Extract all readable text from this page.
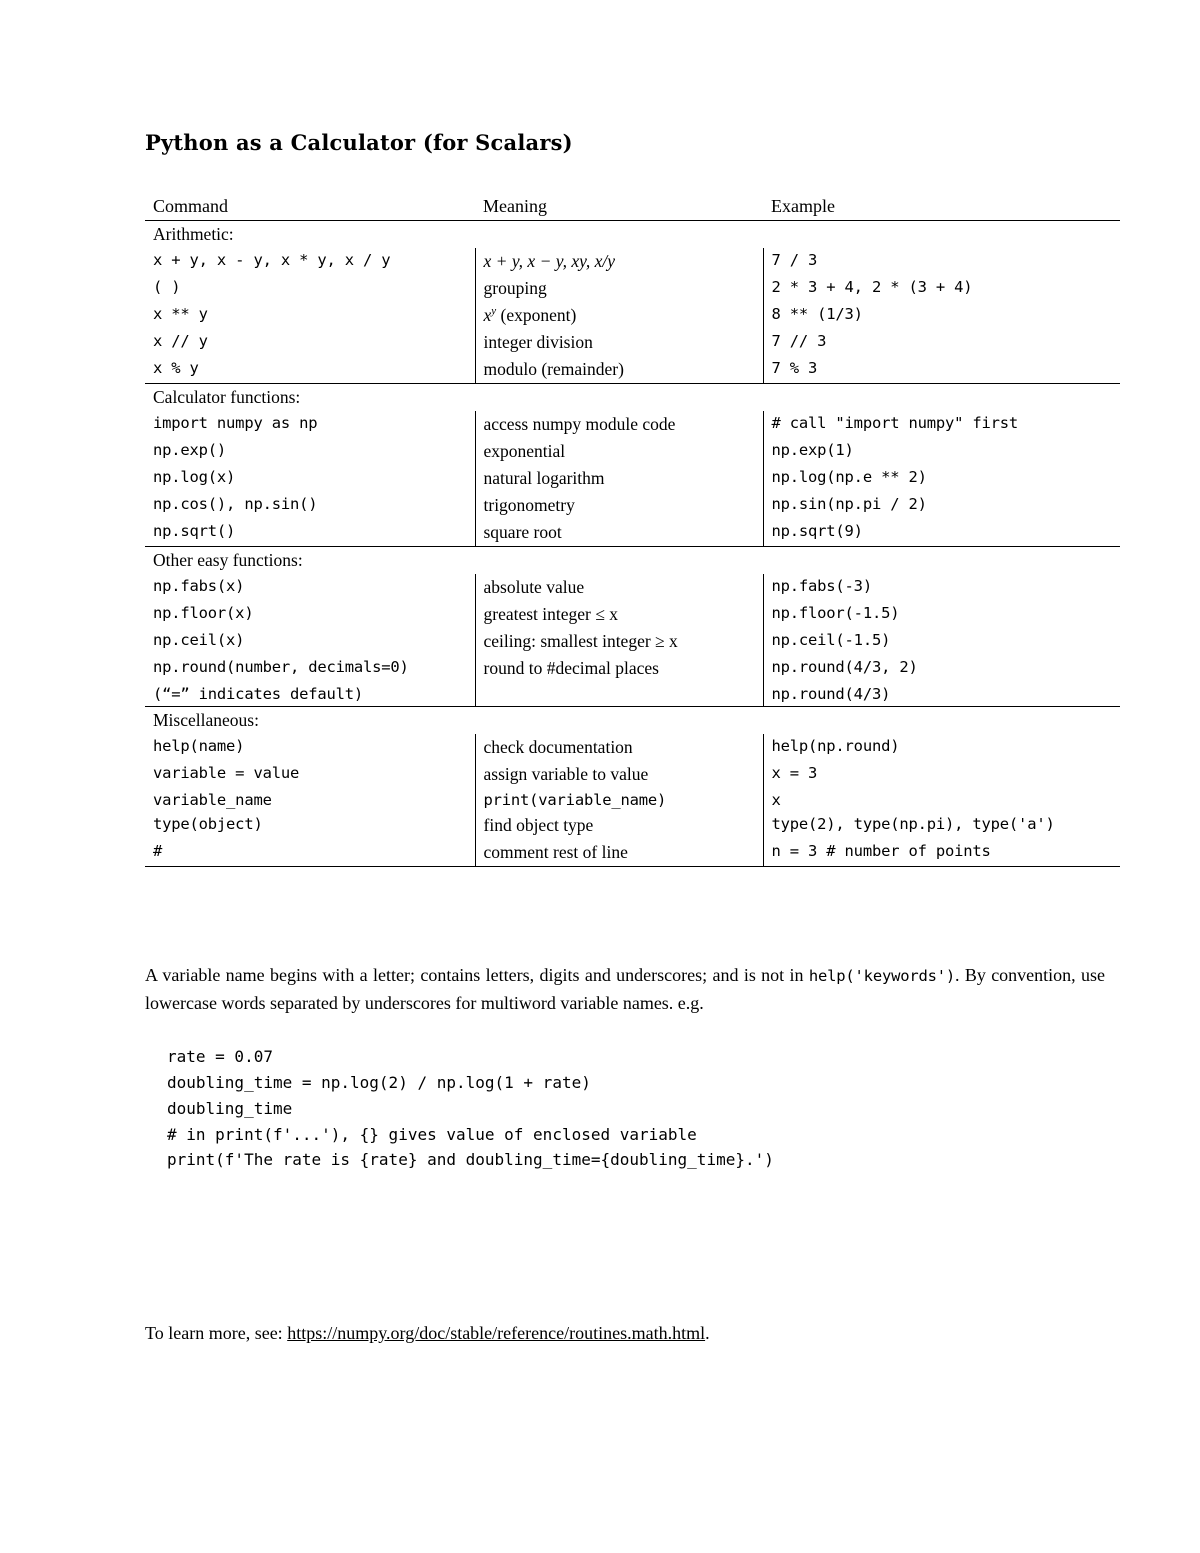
Python as a Calculator (for Scalars)
Command	Meaning	Example
Arithmetic:		
x + y, x - y, x * y, x / y	x + y, x − y, xy, x/y	7 / 3
( )	grouping	2 * 3 + 4, 2 * (3 + 4)
x ** y	$x^y$ (exponent)	8 ** (1/3)
x // y	integer division	7 // 3
x % y	modulo (remainder)	7 % 3
Calculator functions:		
import numpy as np	access numpy module code	# call "import numpy" first
np.exp()	exponential	np.exp(1)
np.log(x)	natural logarithm	np.log(np.e ** 2)
np.cos(), np.sin()	trigonometry	np.sin(np.pi / 2)
np.sqrt()	square root	np.sqrt(9)
Other easy functions:		
np.fabs(x)	absolute value	np.fabs(-3)
np.floor(x)	greatest integer ≤ x	np.floor(-1.5)
np.ceil(x)	ceiling: smallest integer ≥ x	np.ceil(-1.5)
np.round(number, decimals=0)	round to #decimal places	np.round(4/3, 2)
(“=” indicates default)		np.round(4/3)
Miscellaneous:		
help(name)	check documentation	help(np.round)
variable = value	assign variable to value	x = 3
variable_name	print(variable_name)	x
type(object)	find object type	type(2), type(np.pi), type('a')
#	comment rest of line	n = 3 # number of points

A variable name begins with a letter; contains letters, digits and underscores; and is not in help('keywords'). By convention, use lowercase words separated by underscores for multiword variable names. e.g.

rate = 0.07
doubling_time = np.log(2) / np.log(1 + rate)
doubling_time
# in print(f'...'), {} gives value of enclosed variable
print(f'The rate is {rate} and doubling_time={doubling_time}.')

To learn more, see: https://numpy.org/doc/stable/reference/routines.math.html.
